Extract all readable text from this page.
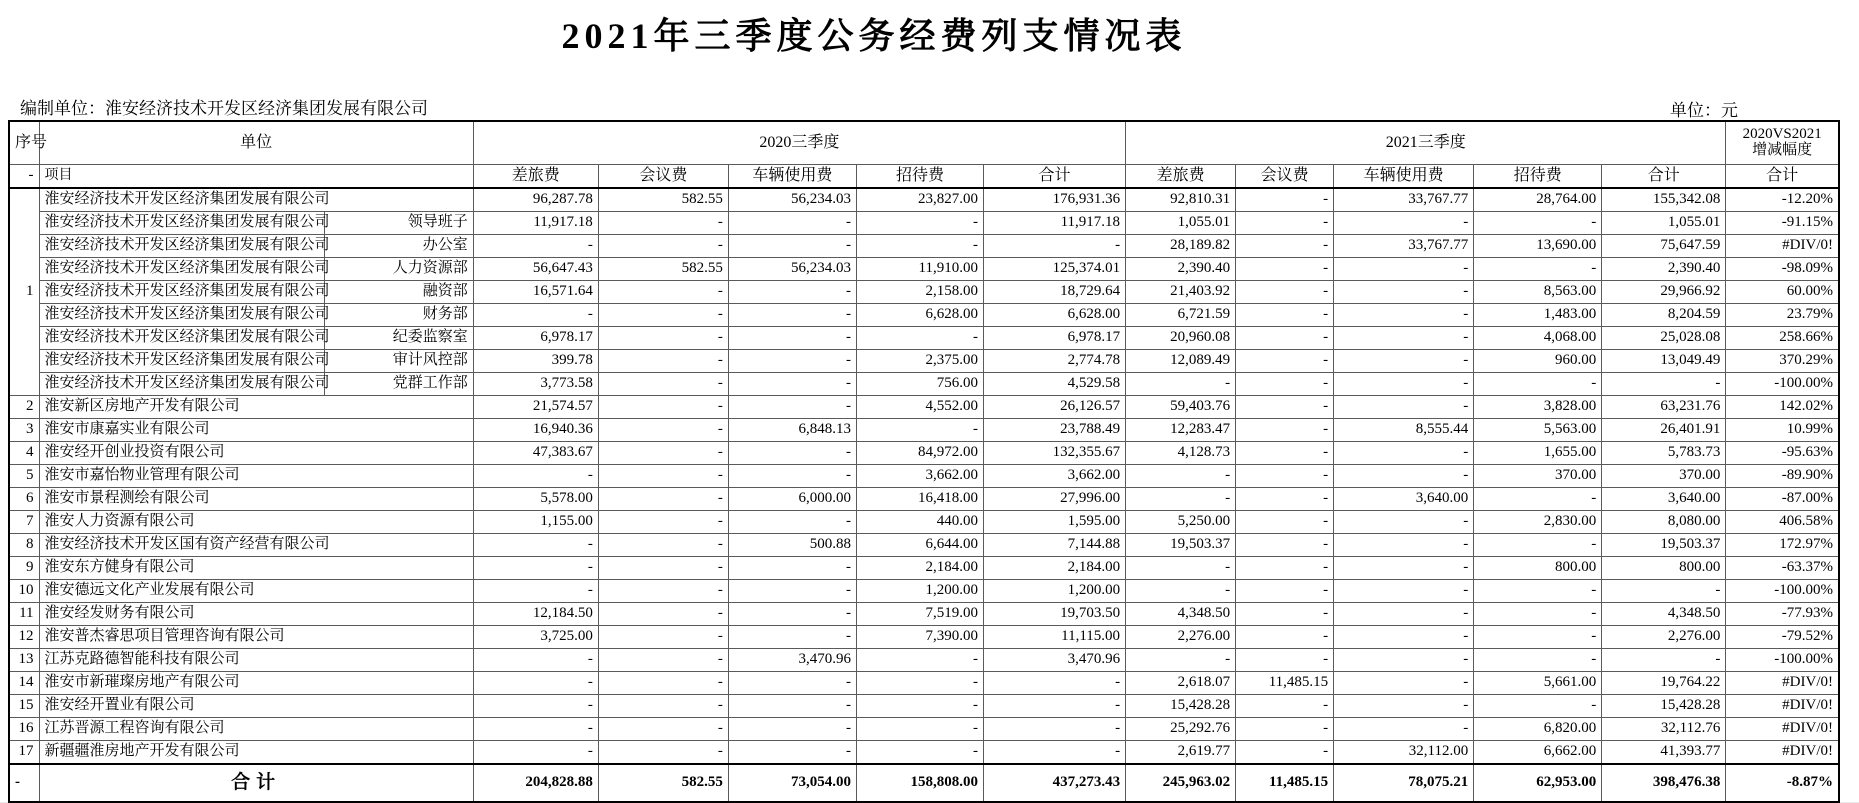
2021年三季度公务经费列支情况表
编制单位：淮安经济技术开发区经济集团发展有限公司	单位：元
序号	单位		2020三季度					2021三季度					2020VS2021
增减幅度

-	项目		差旅费	会议费	车辆使用费	招待费	合计	差旅费	会议费	车辆使用费	招待费	合计	合计
1	淮安经济技术开发区经济集团发展有限公司		96,287.78	582.55	56,234.03	23,827.00	176,931.36	92,810.31	-	33,767.77	28,764.00	155,342.08	-12.20%
	淮安经济技术开发区经济集团发展有限公司	领导班子	11,917.18	-	-	-	11,917.18	1,055.01	-	-	-	1,055.01	-91.15%
	淮安经济技术开发区经济集团发展有限公司	办公室	-	-	-	-	-	28,189.82	-	33,767.77	13,690.00	75,647.59	#DIV/0!
	淮安经济技术开发区经济集团发展有限公司	人力资源部	56,647.43	582.55	56,234.03	11,910.00	125,374.01	2,390.40	-	-	-	2,390.40	-98.09%
	淮安经济技术开发区经济集团发展有限公司	融资部	16,571.64	-	-	2,158.00	18,729.64	21,403.92	-	-	8,563.00	29,966.92	60.00%
	淮安经济技术开发区经济集团发展有限公司	财务部	-	-	-	6,628.00	6,628.00	6,721.59	-	-	1,483.00	8,204.59	23.79%
	淮安经济技术开发区经济集团发展有限公司	纪委监察室	6,978.17	-	-	-	6,978.17	20,960.08	-	-	4,068.00	25,028.08	258.66%
	淮安经济技术开发区经济集团发展有限公司	审计风控部	399.78	-	-	2,375.00	2,774.78	12,089.49	-	-	960.00	13,049.49	370.29%
	淮安经济技术开发区经济集团发展有限公司	党群工作部	3,773.58	-	-	756.00	4,529.58	-	-	-	-	-	-100.00%
2	淮安新区房地产开发有限公司		21,574.57	-	-	4,552.00	26,126.57	59,403.76	-	-	3,828.00	63,231.76	142.02%
3	淮安市康嘉实业有限公司		16,940.36	-	6,848.13	-	23,788.49	12,283.47	-	8,555.44	5,563.00	26,401.91	10.99%
4	淮安经开创业投资有限公司		47,383.67	-	-	84,972.00	132,355.67	4,128.73	-	-	1,655.00	5,783.73	-95.63%
5	淮安市嘉怡物业管理有限公司		-	-	-	3,662.00	3,662.00	-	-	-	370.00	370.00	-89.90%
6	淮安市景程测绘有限公司		5,578.00	-	6,000.00	16,418.00	27,996.00	-	-	3,640.00	-	3,640.00	-87.00%
7	淮安人力资源有限公司		1,155.00	-	-	440.00	1,595.00	5,250.00	-	-	2,830.00	8,080.00	406.58%
8	淮安经济技术开发区国有资产经营有限公司		-	-	500.88	6,644.00	7,144.88	19,503.37	-	-	-	19,503.37	172.97%
9	淮安东方健身有限公司		-	-	-	2,184.00	2,184.00	-	-	-	800.00	800.00	-63.37%
10	淮安德远文化产业发展有限公司		-	-	-	1,200.00	1,200.00	-	-	-	-	-	-100.00%
11	淮安经发财务有限公司		12,184.50	-	-	7,519.00	19,703.50	4,348.50	-	-	-	4,348.50	-77.93%
12	淮安普杰睿思项目管理咨询有限公司		3,725.00	-	-	7,390.00	11,115.00	2,276.00	-	-	-	2,276.00	-79.52%
13	江苏克路德智能科技有限公司		-	-	3,470.96	-	3,470.96	-	-	-	-	-	-100.00%
14	淮安市新璀璨房地产有限公司		-	-	-	-	-	2,618.07	11,485.15	-	5,661.00	19,764.22	#DIV/0!
15	淮安经开置业有限公司		-	-	-	-	-	15,428.28	-	-	-	15,428.28	#DIV/0!
16	江苏晋源工程咨询有限公司		-	-	-	-	-	25,292.76	-	-	6,820.00	32,112.76	#DIV/0!
17	新疆疆淮房地产开发有限公司		-	-	-	-	-	2,619.77	-	32,112.00	6,662.00	41,393.77	#DIV/0!
-	合计		204,828.88	582.55	73,054.00	158,808.00	437,273.43	245,963.02	11,485.15	78,075.21	62,953.00	398,476.38	-8.87%
